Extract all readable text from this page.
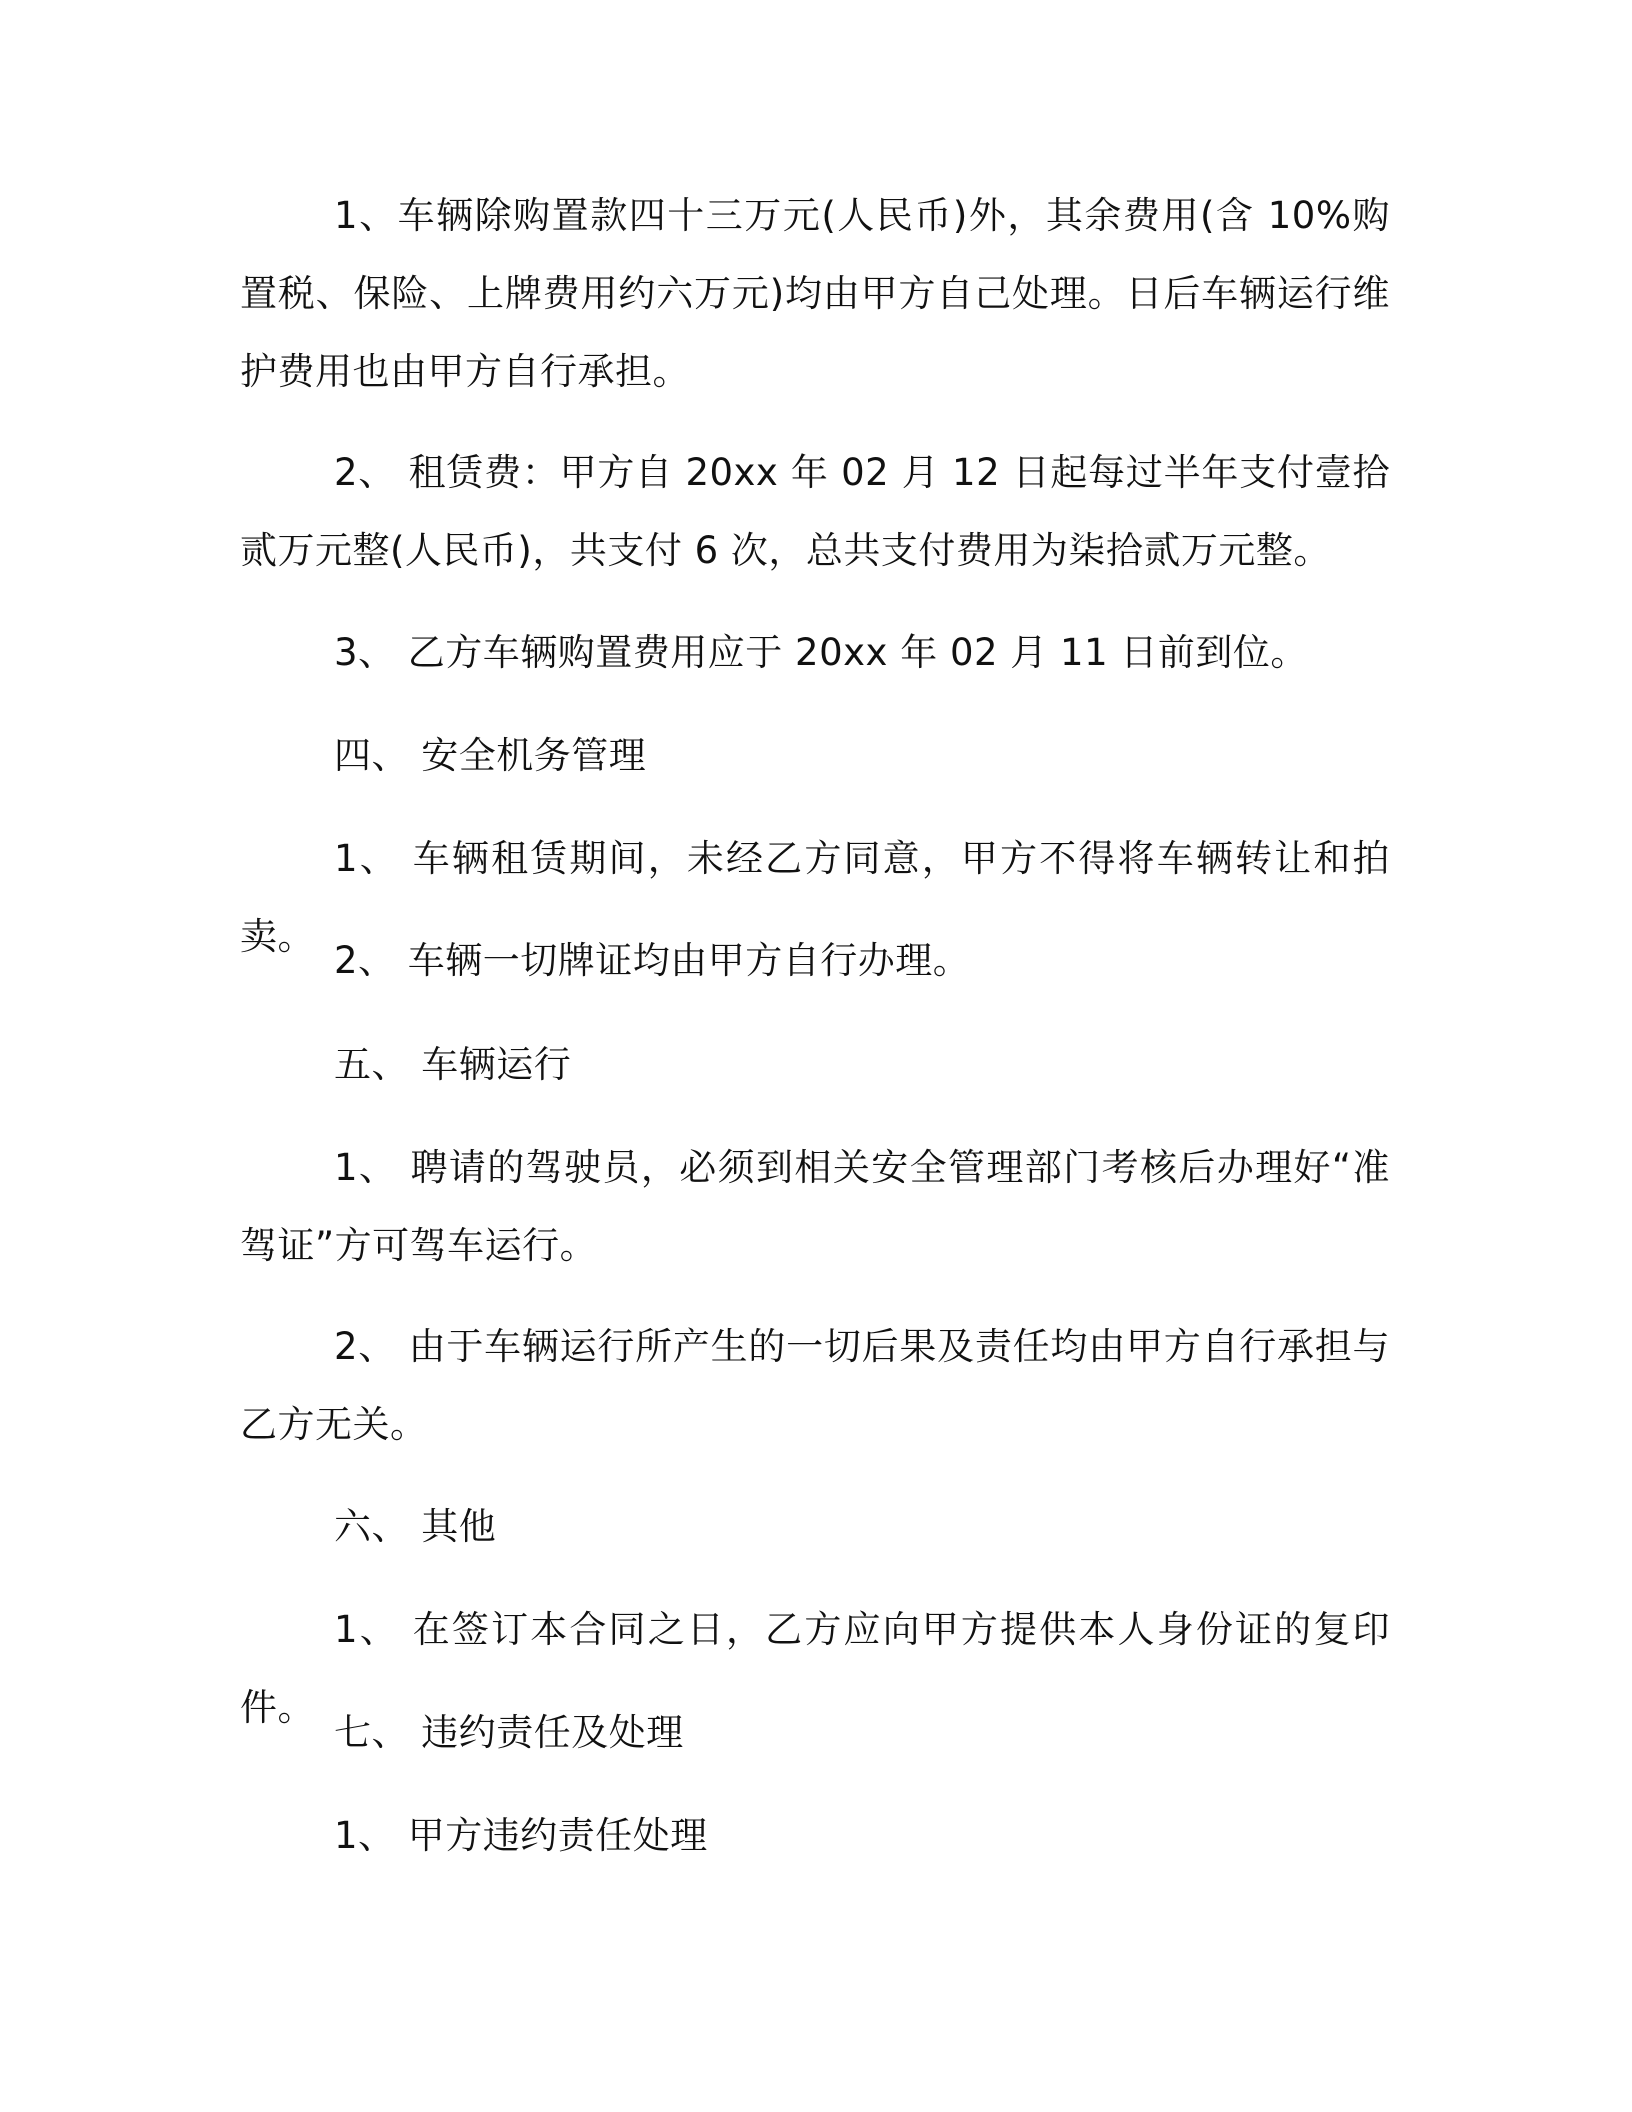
1、车辆除购置款四十三万元(人民币)外，其余费用(含 10%购置税、保险、上牌费用约六万元)均由甲方自己处理。日后车辆运行维护费用也由甲方自行承担。

2、 租赁费：甲方自 20xx 年 02 月 12 日起每过半年支付壹拾贰万元整(人民币)，共支付 6 次，总共支付费用为柒拾贰万元整。

3、 乙方车辆购置费用应于 20xx 年 02 月 11 日前到位。

四、 安全机务管理

1、 车辆租赁期间，未经乙方同意，甲方不得将车辆转让和拍卖。

2、 车辆一切牌证均由甲方自行办理。

五、 车辆运行

1、 聘请的驾驶员，必须到相关安全管理部门考核后办理好“准驾证”方可驾车运行。

2、 由于车辆运行所产生的一切后果及责任均由甲方自行承担与乙方无关。

六、 其他

1、 在签订本合同之日，乙方应向甲方提供本人身份证的复印件。

七、 违约责任及处理

1、 甲方违约责任处理
